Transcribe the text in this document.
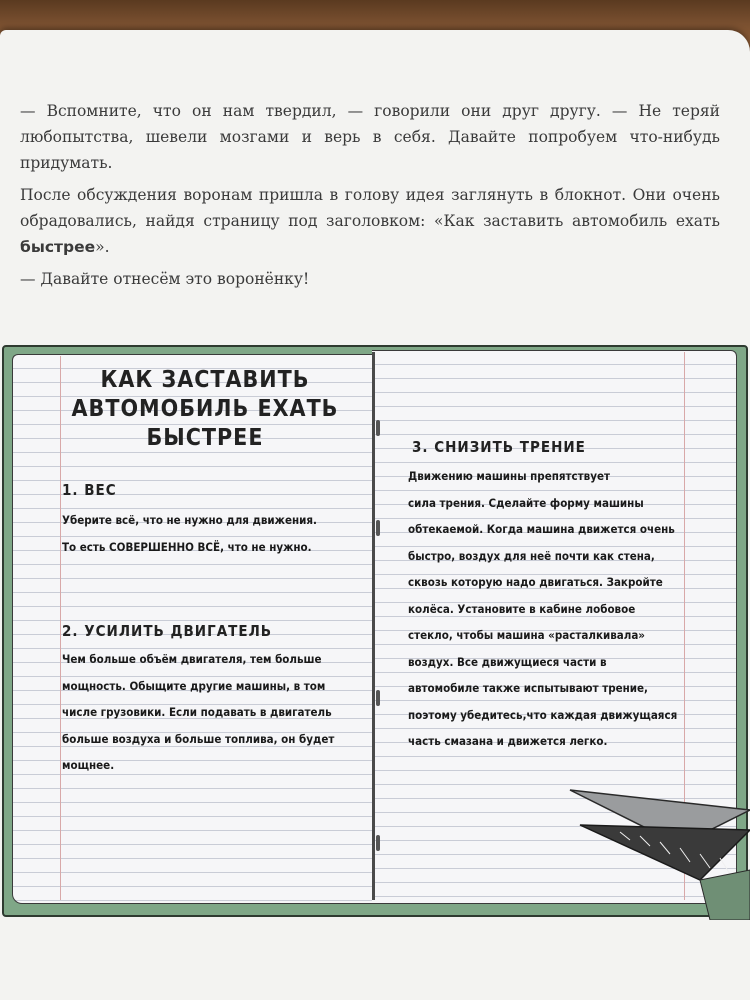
— Вспомните, что он нам твердил, — говорили они друг другу. — Не теряй любопытства, шевели мозгами и верь в себя. Давайте попробуем что-нибудь придумать.

После обсуждения воронам пришла в голову идея заглянуть в блокнот. Они очень обрадовались, найдя страницу под заголовком: «Как заставить автомобиль ехать быстрее».

— Давайте отнесём это воронёнку!

КАК ЗАСТАВИТЬ
АВТОМОБИЛЬ ЕХАТЬ
БЫСТРЕЕ
1. ВЕС
Уберите всё, что не нужно для движения.
То есть СОВЕРШЕННО ВСЁ, что не нужно.
2. УСИЛИТЬ ДВИГАТЕЛЬ
Чем больше объём двигателя, тем больше
мощность. Обыщите другие машины, в том
числе грузовики. Если подавать в двигатель
больше воздуха и больше топлива, он будет
мощнее.
3. СНИЗИТЬ ТРЕНИЕ
Движению машины препятствует
сила трения. Сделайте форму машины
обтекаемой. Когда машина движется очень
быстро, воздух для неё почти как стена,
сквозь которую надо двигаться. Закройте
колёса. Установите в кабине лобовое
стекло, чтобы машина «расталкивала»
воздух. Все движущиеся части в
автомобиле также испытывают трение,
поэтому убедитесь,что каждая движущаяся
часть смазана и движется легко.
